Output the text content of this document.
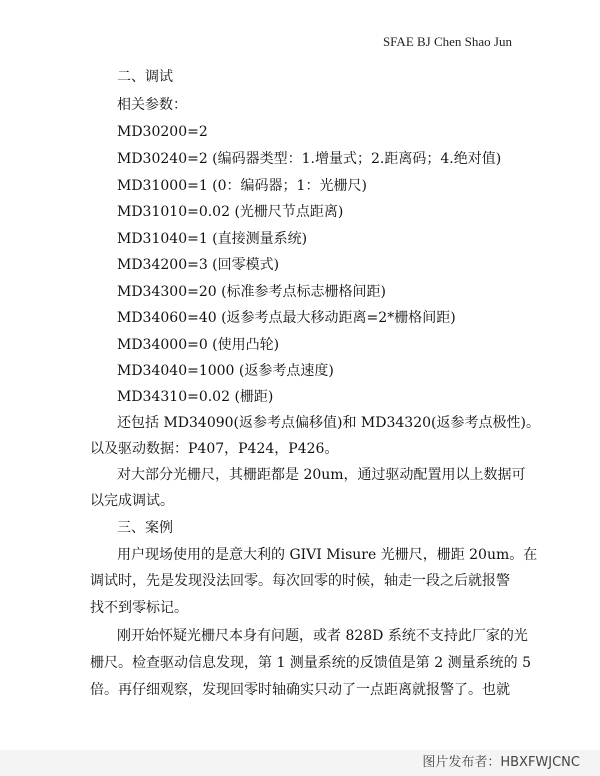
SFAE BJ Chen Shao Jun
二、调试
相关参数：
MD30200=2
MD30240=2 (编码器类型：1.增量式；2.距离码；4.绝对值)
MD31000=1 (0：编码器；1：光栅尺)
MD31010=0.02 (光栅尺节点距离)
MD31040=1 (直接测量系统)
MD34200=3 (回零模式)
MD34300=20 (标准参考点标志栅格间距)
MD34060=40 (返参考点最大移动距离=2*栅格间距)
MD34000=0 (使用凸轮)
MD34040=1000 (返参考点速度)
MD34310=0.02 (栅距)
还包括 MD34090(返参考点偏移值)和 MD34320(返参考点极性)。
以及驱动数据：P407，P424，P426。
对大部分光栅尺，其栅距都是 20um，通过驱动配置用以上数据可
以完成调试。
三、案例
用户现场使用的是意大利的 GIVI Misure 光栅尺，栅距 20um。在
调试时，先是发现没法回零。每次回零的时候，轴走一段之后就报警
找不到零标记。
刚开始怀疑光栅尺本身有问题，或者 828D 系统不支持此厂家的光
栅尺。检查驱动信息发现，第 1 测量系统的反馈值是第 2 测量系统的 5
倍。再仔细观察，发现回零时轴确实只动了一点距离就报警了。也就
图片发布者：HBXFWJCNC
